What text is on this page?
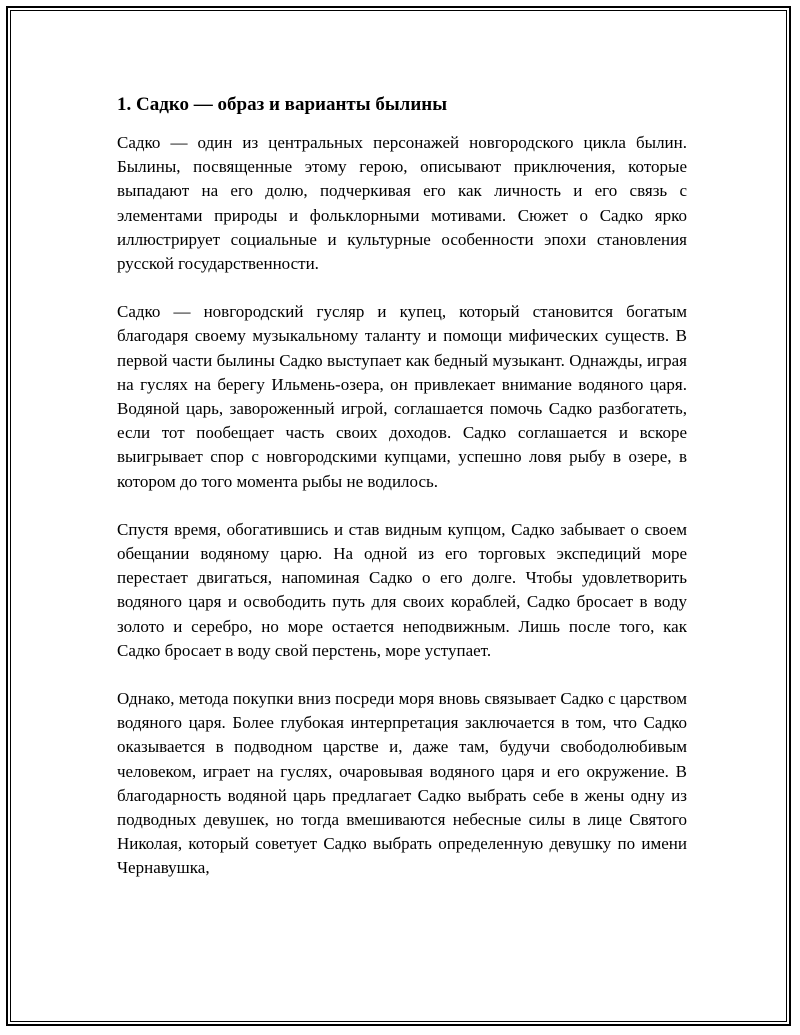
1. Садко — образ и варианты былины

Садко — один из центральных персонажей новгородского цикла былин. Былины, посвященные этому герою, описывают приключения, которые выпадают на его долю, подчеркивая его как личность и его связь с элементами природы и фольклорными мотивами. Сюжет о Садко ярко иллюстрирует социальные и культурные особенности эпохи становления русской государственности.

Садко — новгородский гусляр и купец, который становится богатым благодаря своему музыкальному таланту и помощи мифических существ. В первой части былины Садко выступает как бедный музыкант. Однажды, играя на гуслях на берегу Ильмень-озера, он привлекает внимание водяного царя. Водяной царь, завороженный игрой, соглашается помочь Садко разбогатеть, если тот пообещает часть своих доходов. Садко соглашается и вскоре выигрывает спор с новгородскими купцами, успешно ловя рыбу в озере, в котором до того момента рыбы не водилось.

Спустя время, обогатившись и став видным купцом, Садко забывает о своем обещании водяному царю. На одной из его торговых экспедиций море перестает двигаться, напоминая Садко о его долге. Чтобы удовлетворить водяного царя и освободить путь для своих кораблей, Садко бросает в воду золото и серебро, но море остается неподвижным. Лишь после того, как Садко бросает в воду свой перстень, море уступает.

Однако, метода покупки вниз посреди моря вновь связывает Садко с царством водяного царя. Более глубокая интерпретация заключается в том, что Садко оказывается в подводном царстве и, даже там, будучи свободолюбивым человеком, играет на гуслях, очаровывая водяного царя и его окружение. В благодарность водяной царь предлагает Садко выбрать себе в жены одну из подводных девушек, но тогда вмешиваются небесные силы в лице Святого Николая, который советует Садко выбрать определенную девушку по имени Чернавушка,
